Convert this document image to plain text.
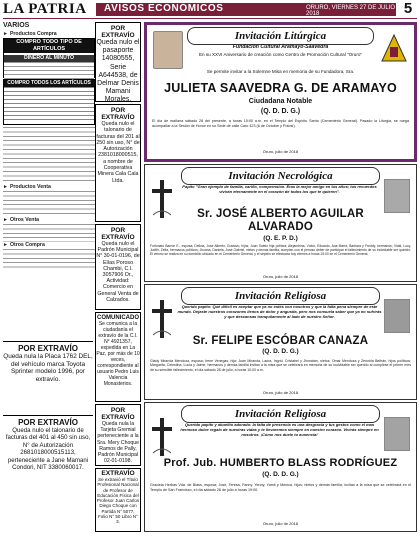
LA PATRIA AVISOS ECONÓMICOS	ORURO, VIERNES 27 DE JULIO DE 2018	5
VARIOS
► Productos Compra
COMPRO TODO TIPO DE ARTÍCULOS
DINERO AL MINUTO
COMPRO TODOS LOS ARTÍCULOS
► Productos Venta
► Otros Venta
► Otros Compra
POR EXTRAVÍO
Queda nula la Placa 1762 DEL, del vehículo marca Toyota Sprinter modelo 1996, por extravío.
POR EXTRAVÍO
Queda nulo el talonario de facturas del 401 al 450 sin uso, N° de Autorización 2681018000515113, perteneciente a Jane Mamani Condori, NIT 3380060017.
POR EXTRAVÍO
Queda nulo el pasaporte 14080555, Serie A644538, de Delmar Denis Mamani Morales.
POR EXTRAVÍO
Queda nulo el talonario de facturas del 201 al 250 sin uso, N° de Autorización 2381018000515, a nombre de Cooperativa Minera Cala Cala Ltda.
POR EXTRAVÍO
Queda nulo el Padrón Municipal N° 30-01-0196, de Elías Poroso Chambi, C.I. 3057906 Or., Actividad: Comercio en General Venta de Calzados.
COMUNICADO
Se comunica a la ciudadanía el extravío de la C.I. N° 4921357, expedida en La Paz, por más de 10 veces, correspondiente al usuario Pedro Luis Valencia Monasterios.
POR EXTRAVÍO
Queda nula la Tarjeta Gremial perteneciente a la Sra. Mery Choque Ramos de Pally, Padrón Municipal 02-01-0198.
EXTRAVÍO
Se extravió el Título Profesional Nacional de Profesor de Educación Física del Profesor Juan Carlos Diego Choque con Partida N° 5077, Folio N° 50 Libro N° 3.
Invitación Litúrgica
Fundación Cultural Aramayo-Saavedra
En su XXVI Aniversario de creación como Centro de Promoción Cultural "Oruro"
Se permite invitar a la Solemne Misa en memoria de su Fundadora, Sra.
JULIETA SAAVEDRA G. DE ARAMAYO
Ciudadana Notable
(Q. D. D. G.)
El día de mañana sábado 28 del presente, a horas 10:00 a.m. en el Templo del Espíritu Santo (Cementerio General). Pasado la Liturgia, se ruega acompañar a la Sesión de Honor en su Sede de calle Caro 423 (6 de Octubre y Potosí).
Oruro, julio de 2018
Invitación Necrológica
Papito "Gran ejemplo de familia, cariño, comprensión. Eras la mejor amigo en tus años; tus recuerdos vivirán eternamente en el corazón de todos los que te quieren".
Sr. JOSÉ ALBERTO AGUILAR ALVARADO
(Q. E. P. D.)
Fortunato Barrón E., esposa; Delicia, José Alberto, Gustavo, hijos; Juan Sotelo hija política; Alejandrina, Víctor, Eduardo, Ana María, Barbara y Freddy, hermanos; Vidal, Lucy, Judith, Zelfa, hermanos políticos; Jhoana, Daniela, José Gabriel, nietos y demás familia, cumplen con el penoso deber de participar el fallecimiento de su inolvidable ser querido. El velorio se realiza en su domicilio ubicado en el Cementerio General, y el sepelio se efectuará hoy viernes a horas 15:00 en el Cementerio General.
Oruro, julio de 2018
Invitación Religiosa
Querido papito: Qué difícil es aceptar que ya no estés con nosotros y que la falta pena siempre de este mundo. Dejaste nuestros corazones llenos de dolor y angustia, pero nos consuela saber que ya no sufrirás y que descansas tranquilamente al lado de nuestro Señor.
Sr. FELIPE ESCÓBAR CANAZA
(Q. D. D. G.)
Glady Miranda Mendoza, esposa; Irene Venegas, hija; Juan Miranda, Laura, Ingrid, Cristabel y Jhonatan, nietos; Omar Mendoza y Zenobia Beltrán, hijos políticos; Margarita, Celestina, Lucía y Jaime, hermanos y demás familia invitan a la misa que se celebrará en memoria de su inolvidable ser querido al cumplirse el primer mes de su sensible fallecimiento, el día sábado 28 de julio, a horas 10:00 a.m.
Oruro, julio de 2018
Invitación Religiosa
Querido papito y abuelito adorado: la falta de presencia es una desgracia y tus gestos como el mas hermoso dulce regalo de nuestras vidas y te llevaremos siempre en nuestro corazón. Vivirás siempre en nosotros. ¡Cómo nos duele tu ausencia!
Prof. Jub. HUMBERTO BLASS RODRÍGUEZ
(Q. D. D. G.)
Graciela Herbas Vda. de Blass, esposa; José, Teresa, Fanny, Yenny, Yamil y Mónica, hijos; nietos y demás familia, invitan a la misa que se celebrará en el Templo de San Francisco, el día sábado 28 de julio a horas 19:00.
Oruro, julio de 2018
